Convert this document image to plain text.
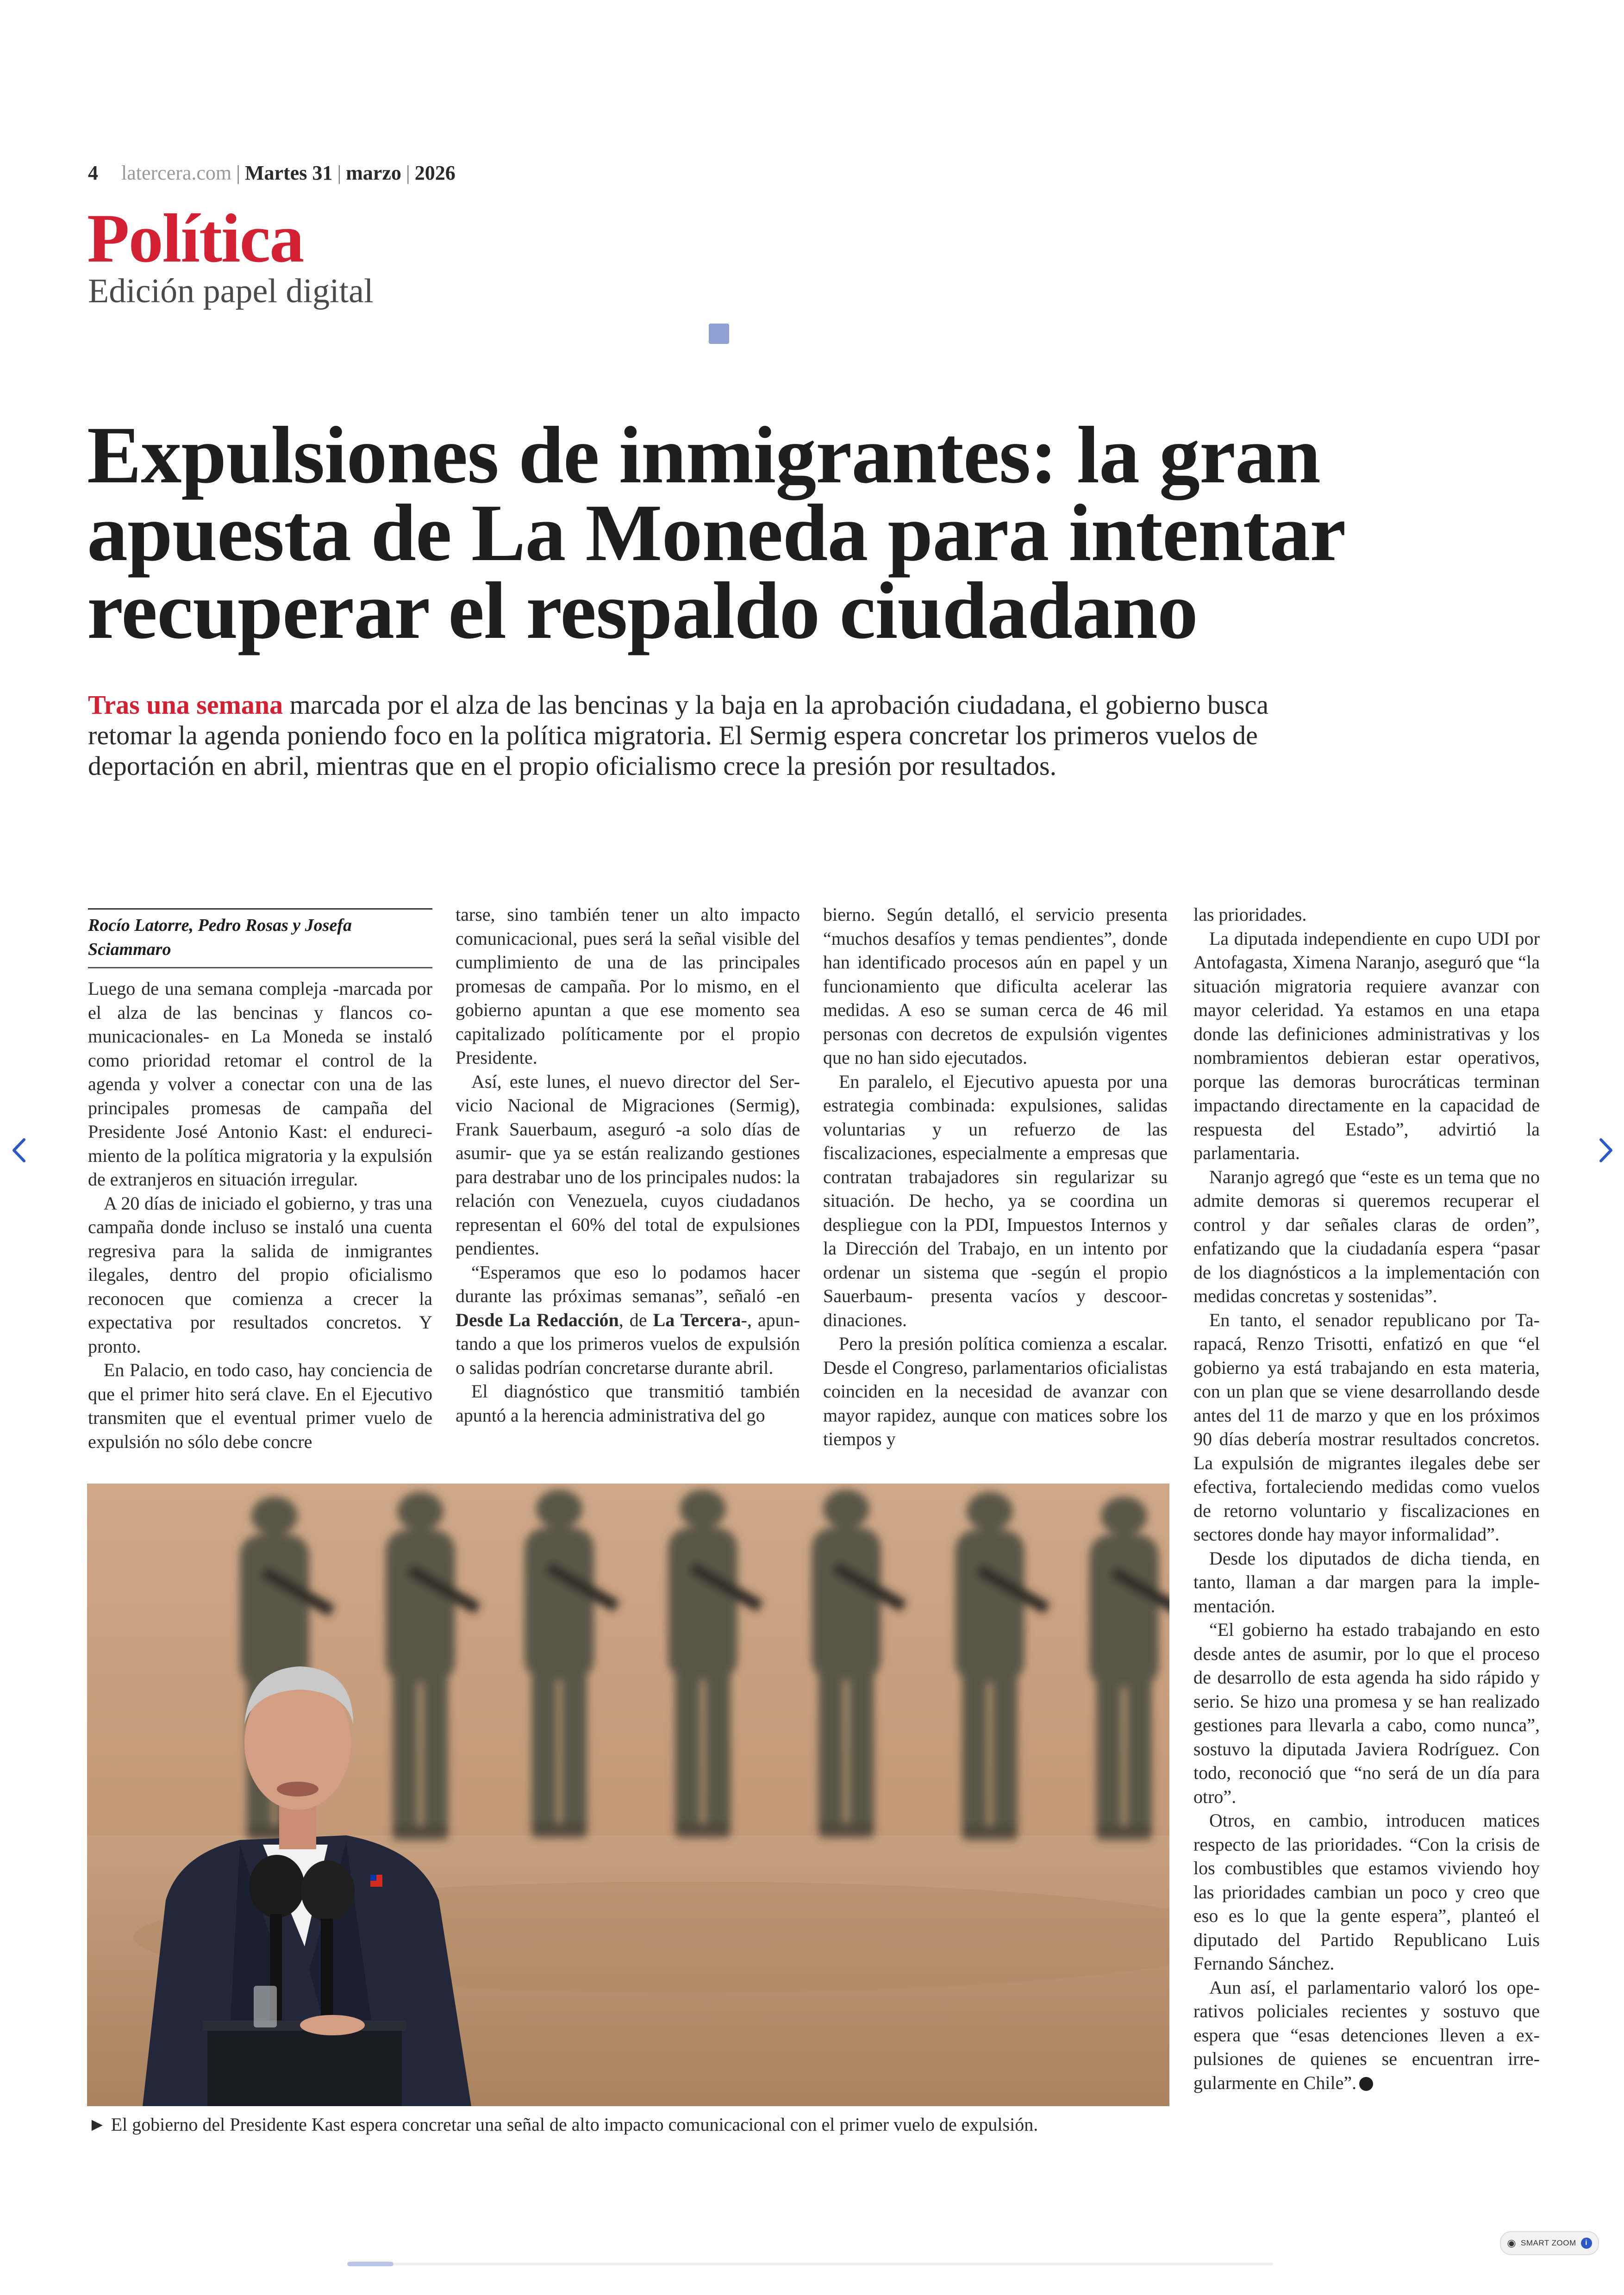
4 latercera.com | Martes 31 | marzo | 2026
Política
Edición papel digital
Expulsiones de inmigrantes: la gran apuesta de La Moneda para intentar recuperar el respaldo ciudadano

Tras una semana marcada por el alza de las bencinas y la baja en la aprobación ciudadana, el gobierno busca retomar la agenda poniendo foco en la política migratoria. El Sermig espera concretar los primeros vuelos de deportación en abril, mientras que en el propio oficialismo crece la presión por resultados.

Rocío Latorre, Pedro Rosas y Josefa Sciammaro

Luego de una semana compleja -marcada por el alza de las bencinas y flancos comunicacionales- en La Moneda se instaló como prioridad retomar el control de la agenda y volver a conectar con una de las principales promesas de campaña del Presidente José Antonio Kast: el endurecimiento de la política migratoria y la expulsión de extranjeros en situación irregular.

A 20 días de iniciado el gobierno, y tras una campaña donde incluso se instaló una cuenta regresiva para la salida de inmigrantes ilegales, dentro del propio oficialismo reconocen que comienza a crecer la expectativa por resultados concretos. Y pronto.

En Palacio, en todo caso, hay conciencia de que el primer hito será clave. En el Ejecutivo transmiten que el eventual primer vuelo de expulsión no sólo debe concre

tarse, sino también tener un alto impacto comunicacional, pues será la señal visible del cumplimiento de una de las principales promesas de campaña. Por lo mismo, en el gobierno apuntan a que ese momento sea capitalizado políticamente por el propio Presidente.

Así, este lunes, el nuevo director del Servicio Nacional de Migraciones (Sermig), Frank Sauerbaum, aseguró -a solo días de asumir- que ya se están realizando gestiones para destrabar uno de los principales nudos: la relación con Venezuela, cuyos ciudadanos representan el 60% del total de expulsiones pendientes.

“Esperamos que eso lo podamos hacer durante las próximas semanas”, señaló -en Desde La Redacción, de La Tercera-, apuntando a que los primeros vuelos de expulsión o salidas podrían concretarse durante abril.

El diagnóstico que transmitió también apuntó a la herencia administrativa del go

bierno. Según detalló, el servicio presenta “muchos desafíos y temas pendientes”, donde han identificado procesos aún en papel y un funcionamiento que dificulta acelerar las medidas. A eso se suman cerca de 46 mil personas con decretos de expulsión vigentes que no han sido ejecutados.

En paralelo, el Ejecutivo apuesta por una estrategia combinada: expulsiones, salidas voluntarias y un refuerzo de las fiscalizaciones, especialmente a empresas que contratan trabajadores sin regularizar su situación. De hecho, ya se coordina un despliegue con la PDI, Impuestos Internos y la Dirección del Trabajo, en un intento por ordenar un sistema que -según el propio Sauerbaum- presenta vacíos y descoordinaciones.

Pero la presión política comienza a escalar. Desde el Congreso, parlamentarios oficialistas coinciden en la necesidad de avanzar con mayor rapidez, aunque con matices sobre los tiempos y

las prioridades.

La diputada independiente en cupo UDI por Antofagasta, Ximena Naranjo, aseguró que “la situación migratoria requiere avanzar con mayor celeridad. Ya estamos en una etapa donde las definiciones administrativas y los nombramientos debieran estar operativos, porque las demoras burocráticas terminan impactando directamente en la capacidad de respuesta del Estado”, advirtió la parlamentaria.

Naranjo agregó que “este es un tema que no admite demoras si queremos recuperar el control y dar señales claras de orden”, enfatizando que la ciudadanía espera “pasar de los diagnósticos a la implementación con medidas concretas y sostenidas”.

En tanto, el senador republicano por Tarapacá, Renzo Trisotti, enfatizó en que “el gobierno ya está trabajando en esta materia, con un plan que se viene desarrollando desde antes del 11 de marzo y que en los próximos 90 días debería mostrar resultados concretos. La expulsión de migrantes ilegales debe ser efectiva, fortaleciendo medidas como vuelos de retorno voluntario y fiscalizaciones en sectores donde hay mayor informalidad”.

Desde los diputados de dicha tienda, en tanto, llaman a dar margen para la implementación.

“El gobierno ha estado trabajando en esto desde antes de asumir, por lo que el proceso de desarrollo de esta agenda ha sido rápido y serio. Se hizo una promesa y se han realizado gestiones para llevarla a cabo, como nunca”, sostuvo la diputada Javiera Rodríguez. Con todo, reconoció que “no será de un día para otro”.

Otros, en cambio, introducen matices respecto de las prioridades. “Con la crisis de los combustibles que estamos viviendo hoy las prioridades cambian un poco y creo que eso es lo que la gente espera”, planteó el diputado del Partido Republicano Luis Fernando Sánchez.

Aun así, el parlamentario valoró los operativos policiales recientes y sostuvo que espera que “esas detenciones lleven a expulsiones de quienes se encuentran irregularmente en Chile”.

► El gobierno del Presidente Kast espera concretar una señal de alto impacto comunicacional con el primer vuelo de expulsión.
◉ SMART ZOOM	i
